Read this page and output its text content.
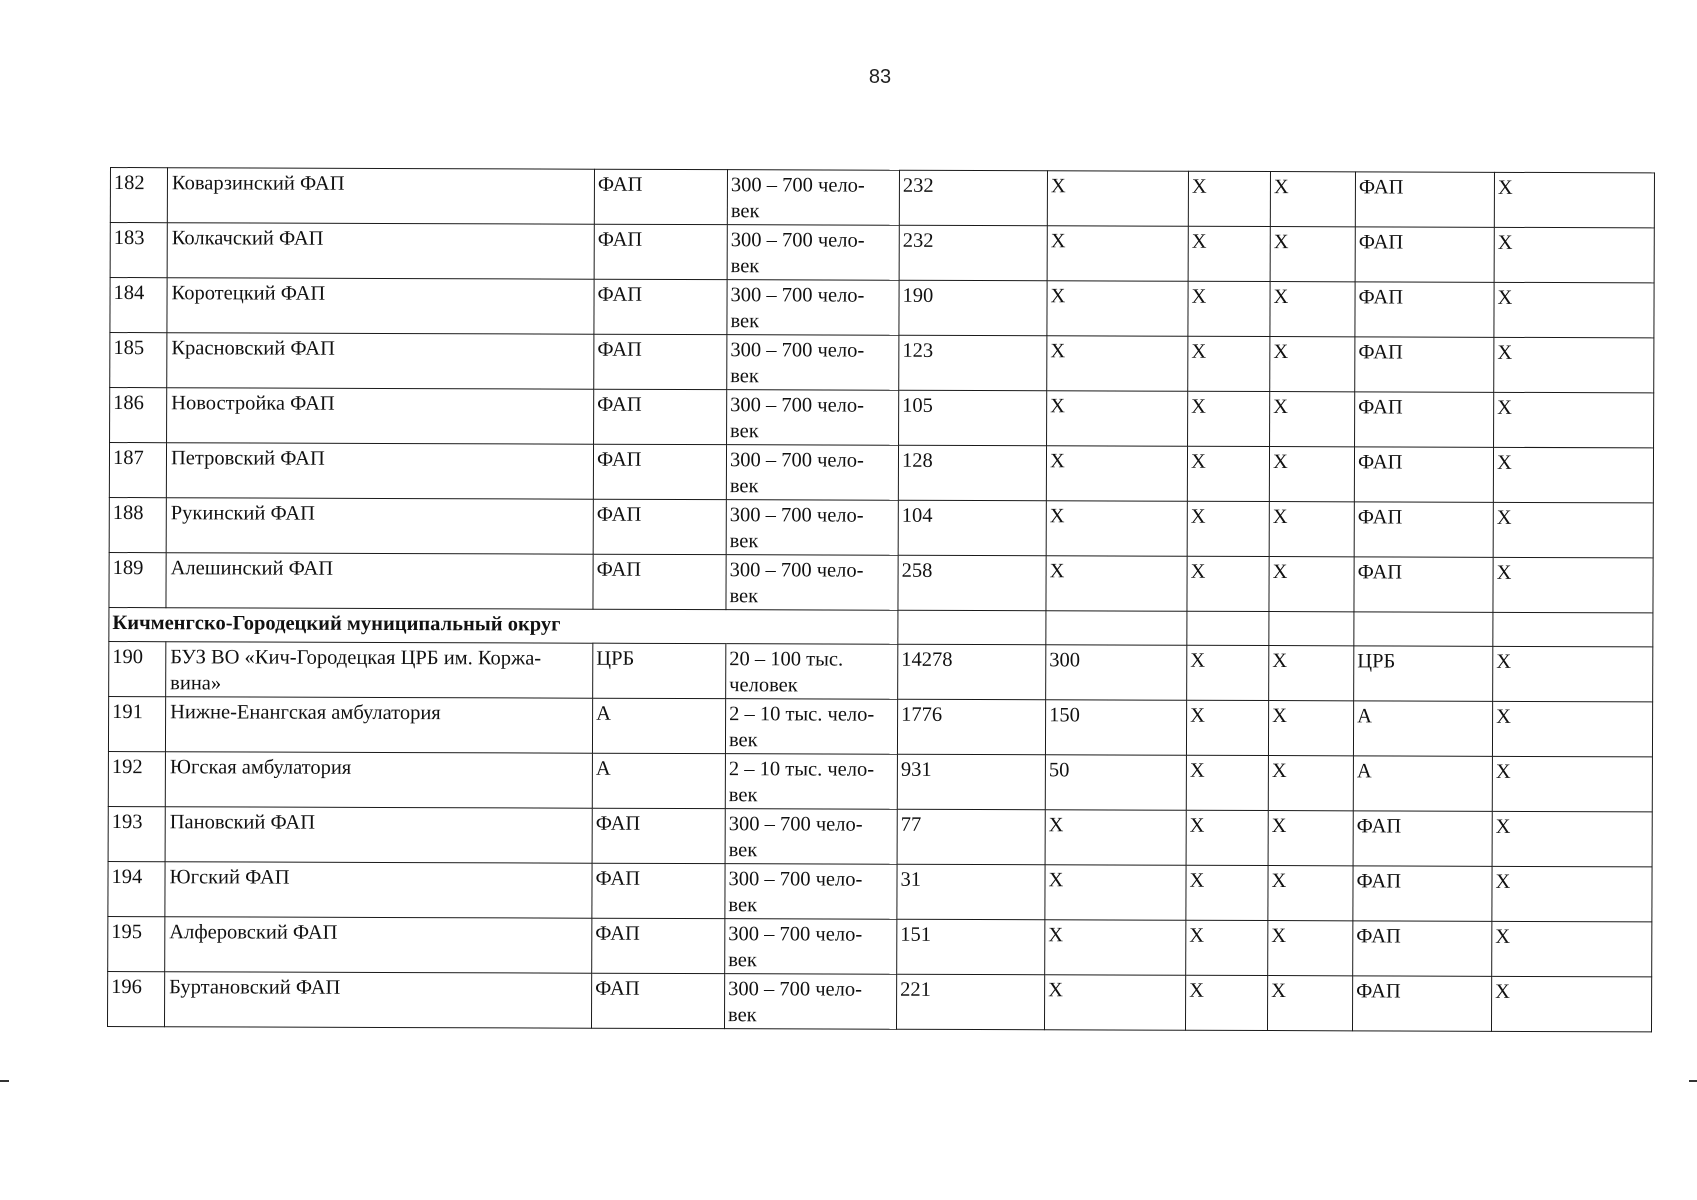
83
182	Коварзинский ФАП	ФАП	300 – 700 чело- век	232	X	X	X	ФАП	X
183	Колкачский ФАП	ФАП	300 – 700 чело- век	232	X	X	X	ФАП	X
184	Коротецкий ФАП	ФАП	300 – 700 чело- век	190	X	X	X	ФАП	X
185	Красновский ФАП	ФАП	300 – 700 чело- век	123	X	X	X	ФАП	X
186	Новостройка ФАП	ФАП	300 – 700 чело- век	105	X	X	X	ФАП	X
187	Петровский ФАП	ФАП	300 – 700 чело- век	128	X	X	X	ФАП	X
188	Рукинский ФАП	ФАП	300 – 700 чело- век	104	X	X	X	ФАП	X
189	Алешинский ФАП	ФАП	300 – 700 чело- век	258	X	X	X	ФАП	X
Кичменгско-Городецкий муниципальный округ									
190	БУЗ ВО «Кич-Городецкая ЦРБ им. Коржа- вина»	ЦРБ	20 – 100 тыс. человек	14278	300	X	X	ЦРБ	X
191	Нижне-Енангская амбулатория	А	2 – 10 тыс. чело- век	1776	150	X	X	А	X
192	Югская амбулатория	А	2 – 10 тыс. чело- век	931	50	X	X	А	X
193	Пановский ФАП	ФАП	300 – 700 чело- век	77	X	X	X	ФАП	X
194	Югский ФАП	ФАП	300 – 700 чело- век	31	X	X	X	ФАП	X
195	Алферовский ФАП	ФАП	300 – 700 чело- век	151	X	X	X	ФАП	X
196	Буртановский ФАП	ФАП	300 – 700 чело- век	221	X	X	X	ФАП	X
